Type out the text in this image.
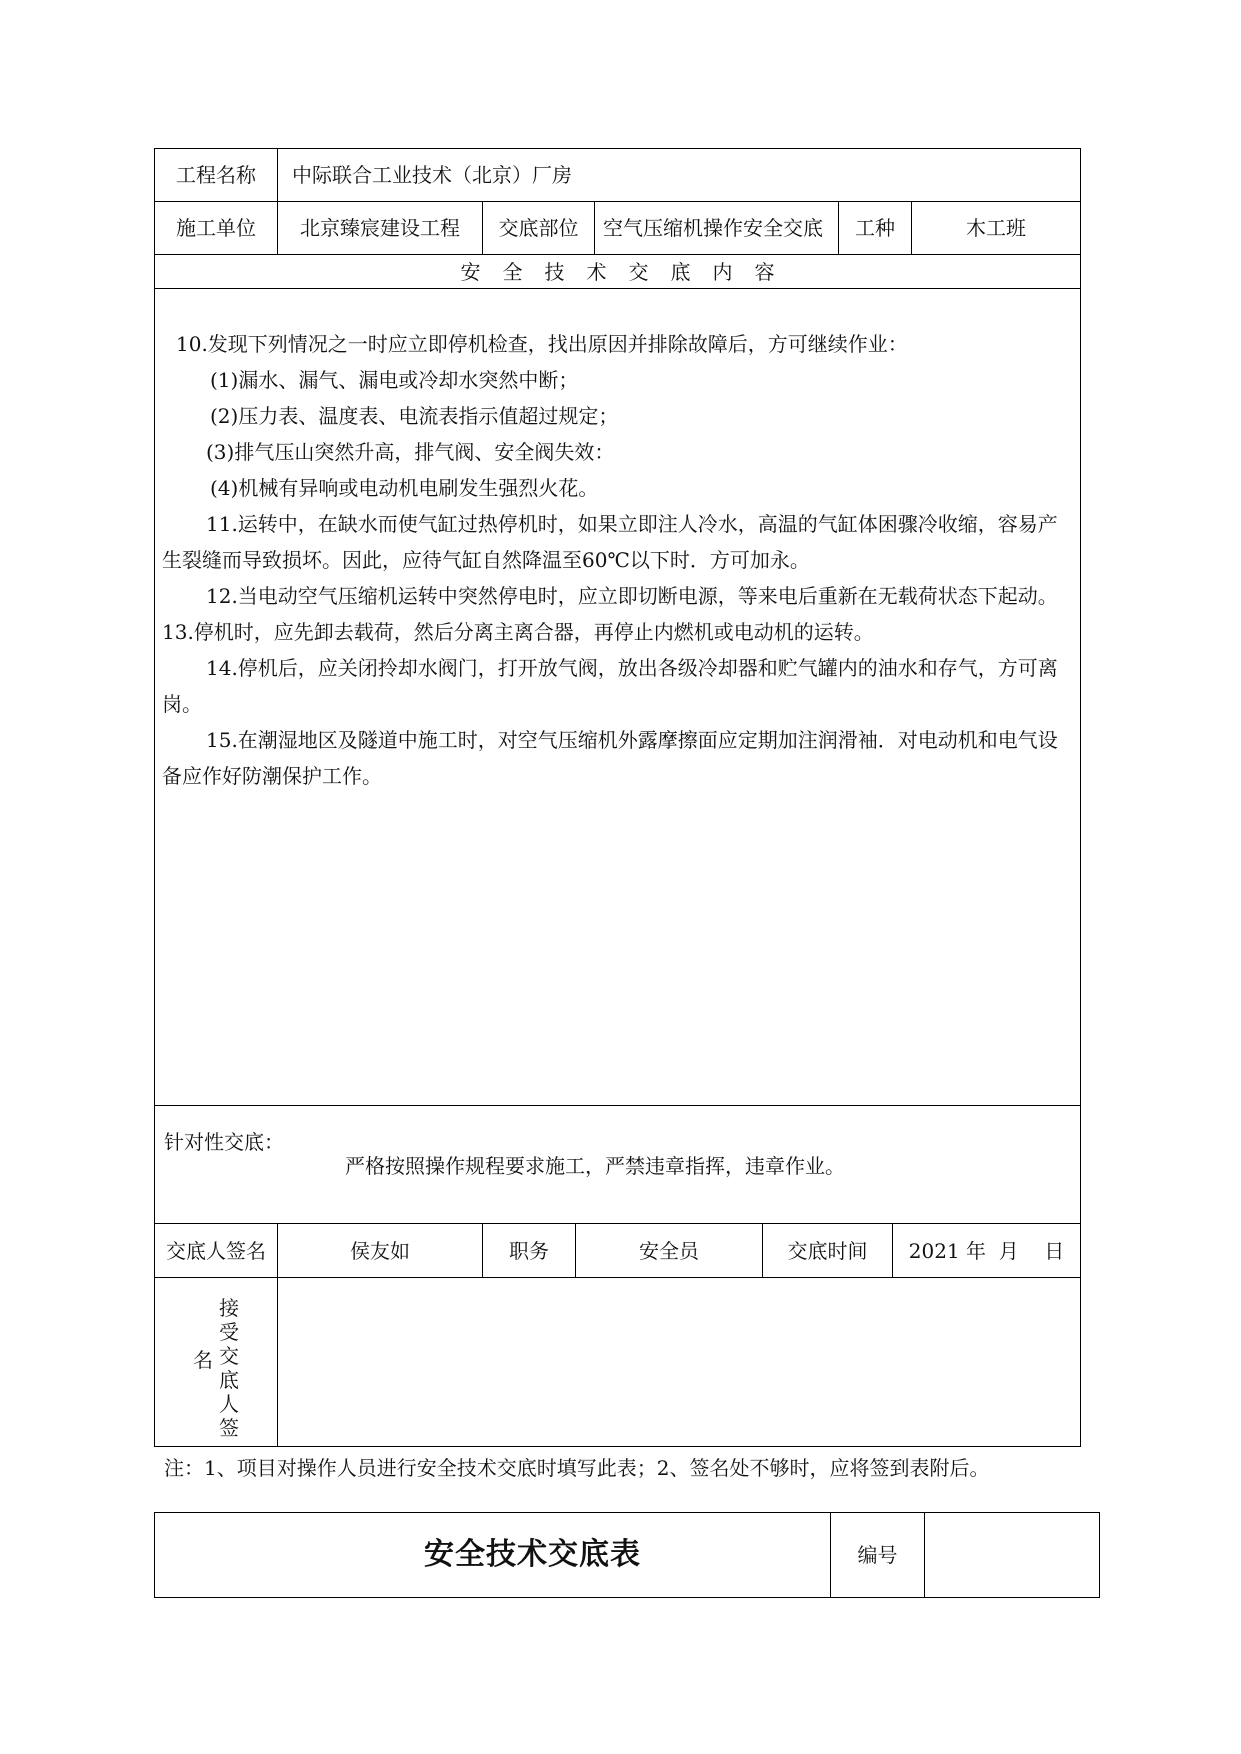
工程名称	中际联合工业技术（北京）厂房
施工单位	北京臻宸建设工程	交底部位	空气压缩机操作安全交底	工种	木工班
安全技术交底内容

10.发现下列情况之一时应立即停机检查，找出原因并排除故障后，方可继续作业：

(1)漏水、漏气、漏电或冷却水突然中断；

(2)压力表、温度表、电流表指示值超过规定；

(3)排气压山突然升高，排气阀、安全阀失效：

(4)机械有异响或电动机电刷发生强烈火花。

11.运转中，在缺水而使气缸过热停机时，如果立即注人冷水，高温的气缸体困骤冷收缩，容易产生裂缝而导致损坏。因此，应待气缸自然降温至60℃以下时．方可加永。

12.当电动空气压缩机运转中突然停电时，应立即切断电源，等来电后重新在无载荷状态下起动。

13.停机时，应先卸去载荷，然后分离主离合器，再停止内燃机或电动机的运转。

14.停机后，应关闭拎却水阀门，打开放气阀，放出各级冷却器和贮气罐内的油水和存气，方可离岗。

15.在潮湿地区及隧道中施工时，对空气压缩机外露摩擦面应定期加注润滑袖．对电动机和电气设备应作好防潮保护工作。

针对性交底：
严格按照操作规程要求施工，严禁违章指挥，违章作业。
交底人签名	侯友如	职务	安全员	交底时间	2021 年  月    日
接受交底人签
名
注：1、项目对操作人员进行安全技术交底时填写此表；2、签名处不够时，应将签到表附后。
安全技术交底表	编号
